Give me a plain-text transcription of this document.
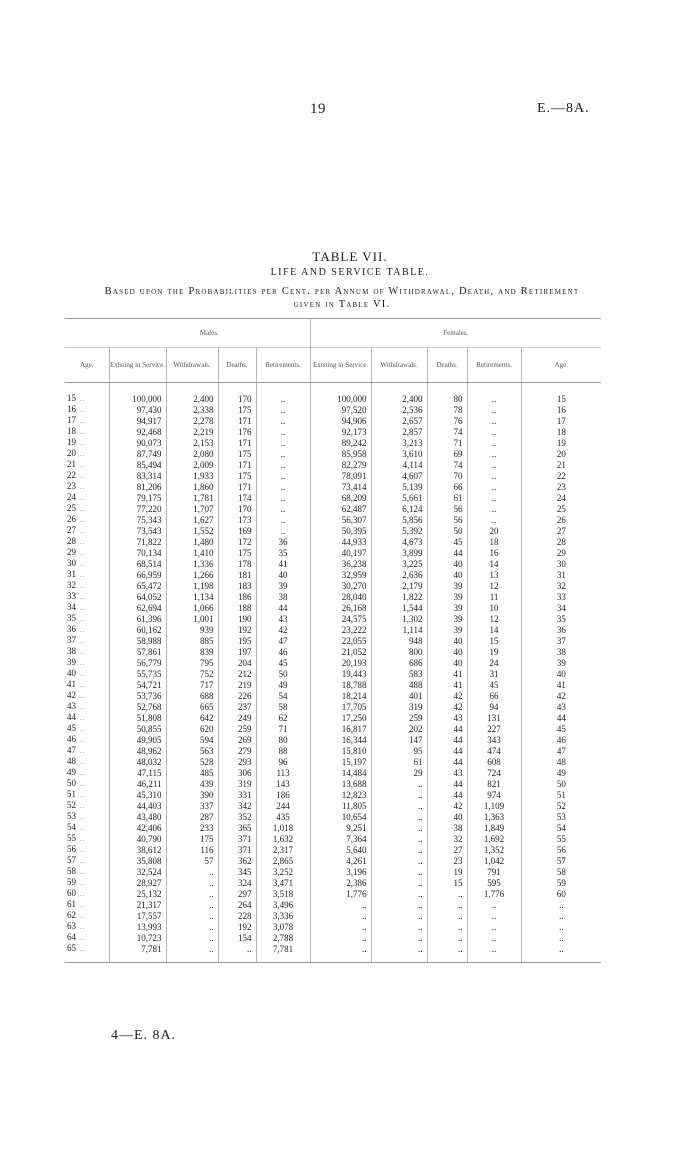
19	E.—8A.
TABLE VII.
LIFE AND SERVICE TABLE.
Based upon the Probabilities per Cent. per Annum of Withdrawal, Death, and Retirement
given in Table VI.
	Males.				Females.				
Age.	Existing in Service.	Withdrawals.	Deaths.	Retirements.	Existing in Service.	Withdrawals.	Deaths.	Retirements.	Age.
15 ..	100,000	2,400	170	..	100,000	2,400	80	..	15
16 ..	97,430	2,338	175	..	97,520	2,536	78	..	16
17 ..	94,917	2,278	171	..	94,906	2,657	76	..	17
18 ..	92,468	2,219	176	..	92,173	2,857	74	..	18
19 ..	90,073	2,153	171	..	89,242	3,213	71	..	19
20 ..	87,749	2,080	175	..	85,958	3,610	69	..	20
21 ..	85,494	2,009	171	..	82,279	4,114	74	..	21
22 ..	83,314	1,933	175	..	78,091	4,607	70	..	22
23 ..	81,206	1,860	171	..	73,414	5,139	66	..	23
24 ..	79,175	1,781	174	..	68,209	5,661	61	..	24
25 ..	77,220	1,707	170	..	62,487	6,124	56	..	25
26 ..	75,343	1,627	173	..	56,307	5,856	56	..	26
27 ..	73,543	1,552	169	..	50,395	5,392	50	20	27
28 ..	71,822	1,480	172	36	44,933	4,673	45	18	28
29 ..	70,134	1,410	175	35	40,197	3,899	44	16	29
30 ..	68,514	1,336	178	41	36,238	3,225	40	14	30
31 ..	66,959	1,266	181	40	32,959	2,636	40	13	31
32 ..	65,472	1,198	183	39	30,270	2,179	39	12	32
33 ..	64,052	1,134	186	38	28,040	1,822	39	11	33
34 ..	62,694	1,066	188	44	26,168	1,544	39	10	34
35 ..	61,396	1,001	190	43	24,575	1,302	39	12	35
36 ..	60,162	939	192	42	23,222	1,114	39	14	36
37 ..	58,988	885	195	47	22,055	948	40	15	37
38 ..	57,861	839	197	46	21,052	800	40	19	38
39 ..	56,779	795	204	45	20,193	686	40	24	39
40 ..	55,735	752	212	50	19,443	583	41	31	40
41 ..	54,721	717	219	49	18,788	488	41	45	41
42 ..	53,736	688	226	54	18,214	401	42	66	42
43 ..	52,768	665	237	58	17,705	319	42	94	43
44 ..	51,808	642	249	62	17,250	259	43	131	44
45 ..	50,855	620	259	71	16,817	202	44	227	45
46 ..	49,905	594	269	80	16,344	147	44	343	46
47 ..	48,962	563	279	88	15,810	95	44	474	47
48 ..	48,032	528	293	96	15,197	61	44	608	48
49 ..	47,115	485	306	113	14,484	29	43	724	49
50 ..	46,211	439	319	143	13,688	..	44	821	50
51 ..	45,310	390	331	186	12,823	..	44	974	51
52 ..	44,403	337	342	244	11,805	..	42	1,109	52
53 ..	43,480	287	352	435	10,654	..	40	1,363	53
54 ..	42,406	233	365	1,018	9,251	..	38	1,849	54
55 ..	40,790	175	371	1,632	7,364	..	32	1,692	55
56 ..	38,612	116	371	2,317	5,640	..	27	1,352	56
57 ..	35,808	57	362	2,865	4,261	..	23	1,042	57
58 ..	32,524	..	345	3,252	3,196	..	19	791	58
59 ..	28,927	..	324	3,471	2,386	..	15	595	59
60 ..	25,132	..	297	3,518	1,776	..	..	1,776	60
61 ..	21,317	..	264	3,496	..	..	..	..	..
62 ..	17,557	..	228	3,336	..	..	..	..	..
63 ..	13,993	..	192	3,078	..	..	..	..	..
64 ..	10,723	..	154	2,788	..	..	..	..	..
65 ..	7,781	..	..	7,781	..	..	..	..	..
4—E. 8A.
